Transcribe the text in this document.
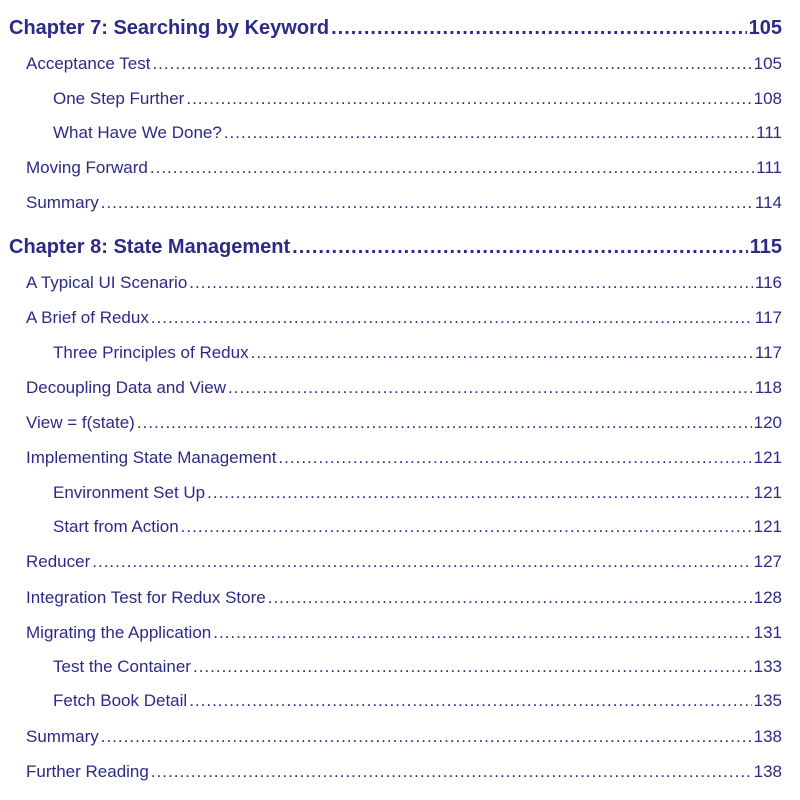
Chapter 7: Searching by Keyword .....	105
Acceptance Test .....	105
One Step Further .....	108
What Have We Done? .....	111
Moving Forward .....	111
Summary .....	114
Chapter 8: State Management .....	115
A Typical UI Scenario .....	116
A Brief of Redux .....	117
Three Principles of Redux .....	117
Decoupling Data and View .....	118
View = f(state) .....	120
Implementing State Management .....	121
Environment Set Up .....	121
Start from Action .....	121
Reducer .....	127
Integration Test for Redux Store .....	128
Migrating the Application .....	131
Test the Container .....	133
Fetch Book Detail .....	135
Summary .....	138
Further Reading .....	138
